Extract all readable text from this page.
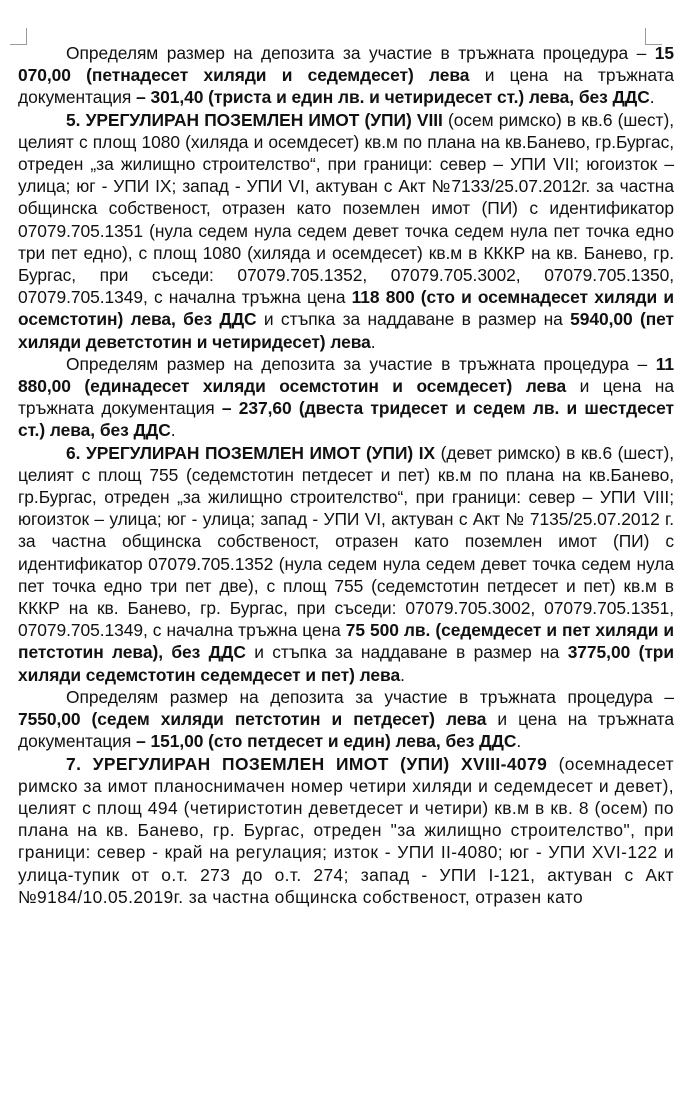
Определям размер на депозита за участие в тръжната процедура – 15 070,00 (петнадесет хиляди и седемдесет) лева и цена на тръжната документация – 301,40 (триста и един лв. и четиридесет ст.) лева, без ДДС.

5. УРЕГУЛИРАН ПОЗЕМЛЕН ИМОТ (УПИ) VIII (осем римско) в кв.6 (шест), целият с площ 1080 (хиляда и осемдесет) кв.м по плана на кв.Банево, гр.Бургас, отреден „за жилищно строителство“, при граници: север – УПИ VII; югоизток – улица; юг - УПИ IX; запад - УПИ VI, актуван с Акт №7133/25.07.2012г. за частна общинска собственост, отразен като поземлен имот (ПИ) с идентификатор 07079.705.1351 (нула седем нула седем девет точка седем нула пет точка едно три пет едно), с площ 1080 (хиляда и осемдесет) кв.м в КККР на кв. Банево, гр. Бургас, при съседи: 07079.705.1352, 07079.705.3002, 07079.705.1350, 07079.705.1349, с начална тръжна цена 118 800 (сто и осемнадесет хиляди и осемстотин) лева, без ДДС и стъпка за наддаване в размер на 5940,00 (пет хиляди деветстотин и четиридесет) лева.

Определям размер на депозита за участие в тръжната процедура – 11 880,00 (единадесет хиляди осемстотин и осемдесет) лева и цена на тръжната документация – 237,60 (двеста тридесет и седем лв. и шестдесет ст.) лева, без ДДС.

6. УРЕГУЛИРАН ПОЗЕМЛЕН ИМОТ (УПИ) IX (девет римско) в кв.6 (шест), целият с площ 755 (седемстотин петдесет и пет) кв.м по плана на кв.Банево, гр.Бургас, отреден „за жилищно строителство“, при граници: север – УПИ VIII; югоизток – улица; юг - улица; запад - УПИ VI, актуван с Акт № 7135/25.07.2012 г. за частна общинска собственост, отразен като поземлен имот (ПИ) с идентификатор 07079.705.1352 (нула седем нула седем девет точка седем нула пет точка едно три пет две), с площ 755 (седемстотин петдесет и пет) кв.м в КККР на кв. Банево, гр. Бургас, при съседи: 07079.705.3002, 07079.705.1351, 07079.705.1349, с начална тръжна цена 75 500 лв. (седемдесет и пет хиляди и петстотин лева), без ДДС и стъпка за наддаване в размер на 3775,00 (три хиляди седемстотин седемдесет и пет) лева.

Определям размер на депозита за участие в тръжната процедура – 7550,00 (седем хиляди петстотин и петдесет) лева и цена на тръжната документация – 151,00 (сто петдесет и един) лева, без ДДС.

7. УРЕГУЛИРАН ПОЗЕМЛЕН ИМОТ (УПИ) XVIII-4079 (осемнадесет римско за имот планоснимачен номер четири хиляди и седемдесет и девет), целият с площ 494 (четиристотин деветдесет и четири) кв.м в кв. 8 (осем) по плана на кв. Банево, гр. Бургас, отреден "за жилищно строителство", при граници: север - край на регулация; изток - УПИ II-4080; юг - УПИ XVI-122 и улица-тупик от о.т. 273 до о.т. 274; запад - УПИ I-121, актуван с Акт №9184/10.05.2019г. за частна общинска собственост, отразен като
